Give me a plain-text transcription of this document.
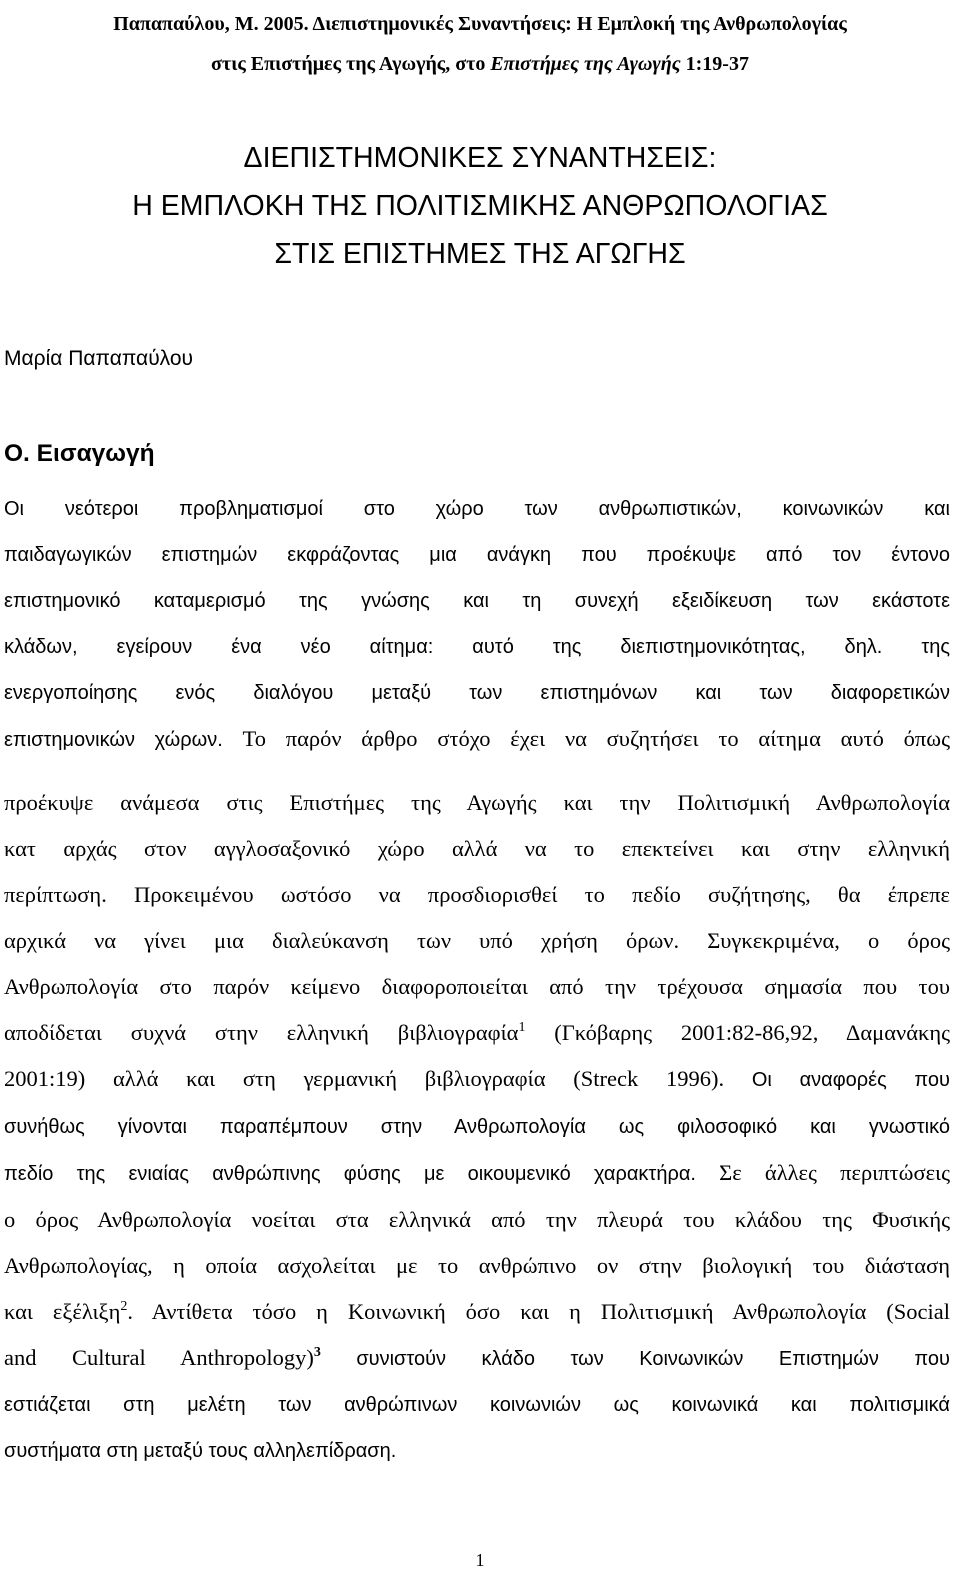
Παπαπαύλου, Μ. 2005. Διεπιστημονικές Συναντήσεις: Η Εμπλοκή της Ανθρωπολογίας
στις Επιστήμες της Αγωγής, στο Επιστήμες της Αγωγής 1:19-37
ΔΙΕΠΙΣΤΗΜΟΝΙΚΕΣ ΣΥΝΑΝΤΗΣΕΙΣ:
Η ΕΜΠΛΟΚΗ ΤΗΣ ΠΟΛΙΤΙΣΜΙΚΗΣ ΑΝΘΡΩΠΟΛΟΓΙΑΣ
ΣΤΙΣ ΕΠΙΣΤΗΜΕΣ ΤΗΣ ΑΓΩΓΗΣ

Μαρία Παπαπαύλου

Ο. Εισαγωγή
Οι νεότεροι προβληματισμοί στο χώρο των ανθρωπιστικών, κοινωνικών και
παιδαγωγικών επιστημών εκφράζοντας μια ανάγκη που προέκυψε από τον έντονο
επιστημονικό καταμερισμό της γνώσης και τη συνεχή εξειδίκευση των εκάστοτε
κλάδων, εγείρουν ένα νέο αίτημα: αυτό της διεπιστημονικότητας, δηλ. της
ενεργοποίησης ενός διαλόγου μεταξύ των επιστημόνων και των διαφορετικών
επιστημονικών χώρων. Το παρόν άρθρο στόχο έχει να συζητήσει το αίτημα αυτό όπως
προέκυψε ανάμεσα στις Επιστήμες της Αγωγής και την Πολιτισμική Ανθρωπολογία
κατ αρχάς στον αγγλοσαξονικό χώρο αλλά να το επεκτείνει και στην ελληνική
περίπτωση. Προκειμένου ωστόσο να προσδιορισθεί το πεδίο συζήτησης, θα έπρεπε
αρχικά να γίνει μια διαλεύκανση των υπό χρήση όρων. Συγκεκριμένα, ο όρος
Ανθρωπολογία στο παρόν κείμενο διαφοροποιείται από την τρέχουσα σημασία που του
αποδίδεται συχνά στην ελληνική βιβλιογραφία$^1$ (Γκόβαρης 2001:82-86,92, Δαμανάκης
2001:19) αλλά και στη γερμανική βιβλιογραφία (Streck 1996). Οι αναφορές που
συνήθως γίνονται παραπέμπουν στην Ανθρωπολογία ως φιλοσοφικό και γνωστικό
πεδίο της ενιαίας ανθρώπινης φύσης με οικουμενικό χαρακτήρα. Σε άλλες περιπτώσεις
ο όρος Ανθρωπολογία νοείται στα ελληνικά από την πλευρά του κλάδου της Φυσικής
Ανθρωπολογίας, η οποία ασχολείται με το ανθρώπινο ον στην βιολογική του διάσταση
και εξέλιξη$^2$. Αντίθετα τόσο η Κοινωνική όσο και η Πολιτισμική Ανθρωπολογία (Social
and Cultural Anthropology)$^3$ συνιστούν κλάδο των Κοινωνικών Επιστημών που
εστιάζεται στη μελέτη των ανθρώπινων κοινωνιών ως κοινωνικά και πολιτισμικά
συστήματα στη μεταξύ τους αλληλεπίδραση.

1
